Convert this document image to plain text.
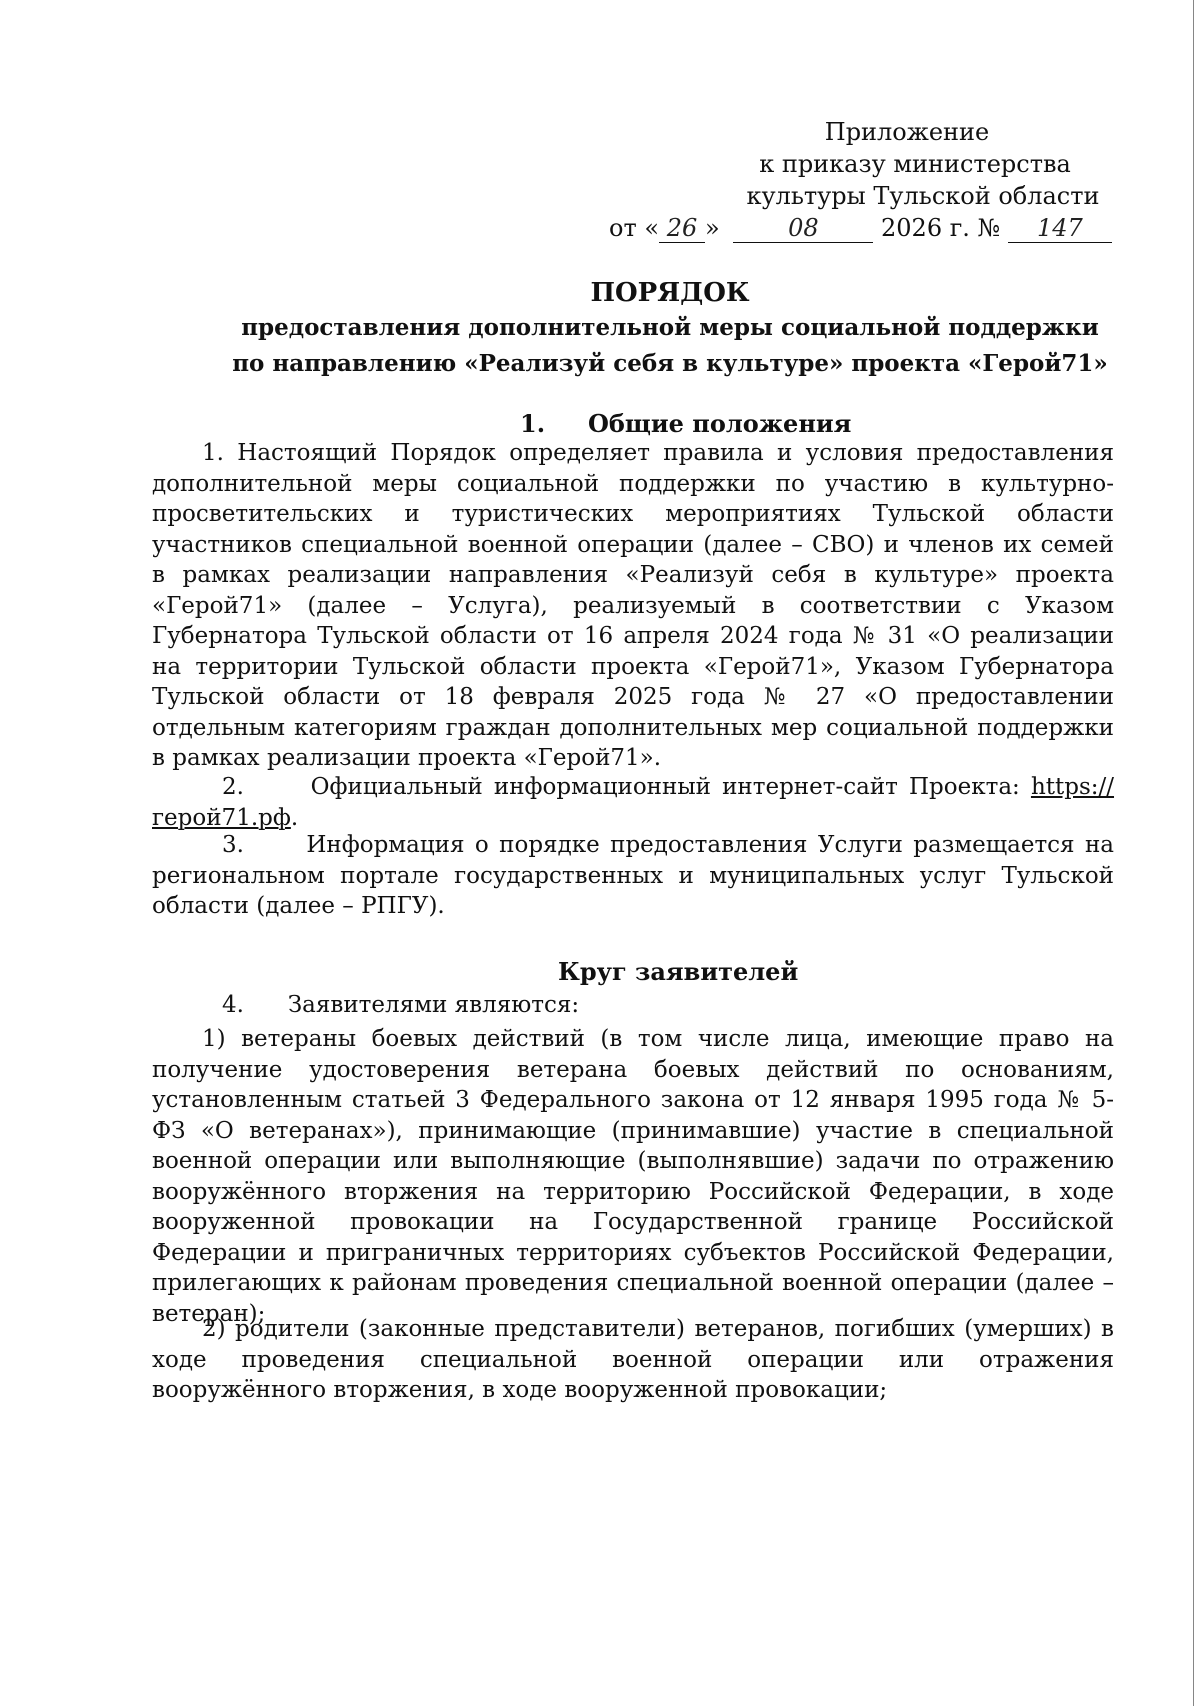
Приложение
к приказу министерства
культуры Тульской области
от « 26 »	08	2026 г. № 147
ПОРЯДОК
предоставления дополнительной меры социальной поддержки
по направлению «Реализуй себя в культуре» проекта «Герой71»
1. Общие положения

1. Настоящий Порядок определяет правила и условия предоставления дополнительной меры социальной поддержки по участию в культурно-просветительских и туристических мероприятиях Тульской области участников специальной военной операции (далее – СВО) и членов их семей в рамках реализации направления «Реализуй себя в культуре» проекта «Герой71» (далее – Услуга), реализуемый в соответствии с Указом Губернатора Тульской области от 16 апреля 2024 года № 31 «О реализации на территории Тульской области проекта «Герой71», Указом Губернатора Тульской области от 18 февраля 2025 года № 27 «О предоставлении отдельным категориям граждан дополнительных мер социальной поддержки в рамках реализации проекта «Герой71».

2.	Официальный информационный интернет-сайт Проекта: https://герой71.рф.

3.	Информация о порядке предоставления Услуги размещается на региональном портале государственных и муниципальных услуг Тульской области (далее – РПГУ).

Круг заявителей

4. Заявителями являются:

1) ветераны боевых действий (в том числе лица, имеющие право на получение удостоверения ветерана боевых действий по основаниям, установленным статьей 3 Федерального закона от 12 января 1995 года № 5-ФЗ «О ветеранах»), принимающие (принимавшие) участие в специальной военной операции или выполняющие (выполнявшие) задачи по отражению вооружённого вторжения на территорию Российской Федерации, в ходе вооруженной провокации на Государственной границе Российской Федерации и приграничных территориях субъектов Российской Федерации, прилегающих к районам проведения специальной военной операции (далее – ветеран);

2) родители (законные представители) ветеранов, погибших (умерших) в ходе проведения специальной военной операции или отражения вооружённого вторжения, в ходе вооруженной провокации;
